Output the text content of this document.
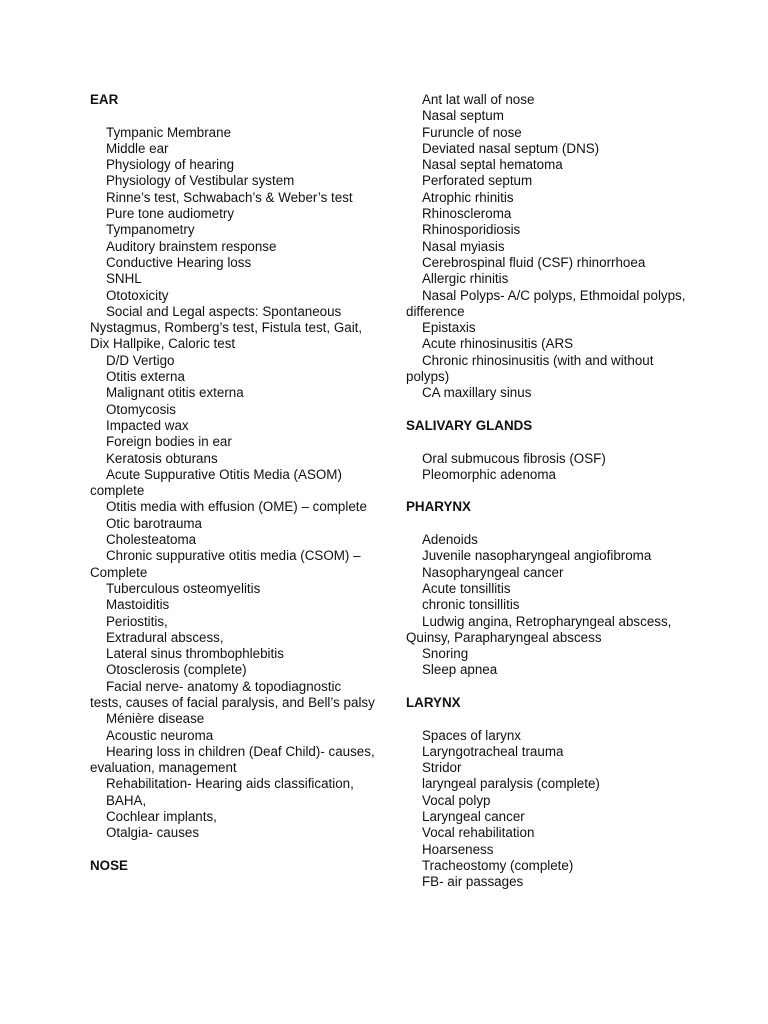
EAR
Tympanic Membrane
Middle ear
Physiology of hearing
Physiology of Vestibular system
Rinne’s test, Schwabach’s & Weber’s test
Pure tone audiometry
Tympanometry
Auditory brainstem response
Conductive Hearing loss
SNHL
Ototoxicity
Social and Legal aspects: Spontaneous Nystagmus, Romberg’s test, Fistula test, Gait, Dix Hallpike, Caloric test
D/D Vertigo
Otitis externa
Malignant otitis externa
Otomycosis
Impacted wax
Foreign bodies in ear
Keratosis obturans
Acute Suppurative Otitis Media (ASOM) complete
Otitis media with effusion (OME) – complete
Otic barotrauma
Cholesteatoma
Chronic suppurative otitis media (CSOM) – Complete
Tuberculous osteomyelitis
Mastoiditis
Periostitis,
Extradural abscess,
Lateral sinus thrombophlebitis
Otosclerosis (complete)
Facial nerve- anatomy & topodiagnostic tests, causes of facial paralysis, and Bell’s palsy
Ménière disease
Acoustic neuroma
Hearing loss in children (Deaf Child)- causes, evaluation, management
Rehabilitation- Hearing aids classification,
BAHA,
Cochlear implants,
Otalgia- causes
NOSE
Ant lat wall of nose
Nasal septum
Furuncle of nose
Deviated nasal septum (DNS)
Nasal septal hematoma
Perforated septum
Atrophic rhinitis
Rhinoscleroma
Rhinosporidiosis
Nasal myiasis
Cerebrospinal fluid (CSF) rhinorrhoea
Allergic rhinitis
Nasal Polyps- A/C polyps, Ethmoidal polyps, difference
Epistaxis
Acute rhinosinusitis (ARS
Chronic rhinosinusitis (with and without polyps)
CA maxillary sinus
SALIVARY GLANDS
Oral submucous fibrosis (OSF)
Pleomorphic adenoma
PHARYNX
Adenoids
Juvenile nasopharyngeal angiofibroma
Nasopharyngeal cancer
Acute tonsillitis
chronic tonsillitis
Ludwig angina, Retropharyngeal abscess, Quinsy, Parapharyngeal abscess
Snoring
Sleep apnea
LARYNX
Spaces of larynx
Laryngotracheal trauma
Stridor
laryngeal paralysis (complete)
Vocal polyp
Laryngeal cancer
Vocal rehabilitation
Hoarseness
Tracheostomy (complete)
FB- air passages
